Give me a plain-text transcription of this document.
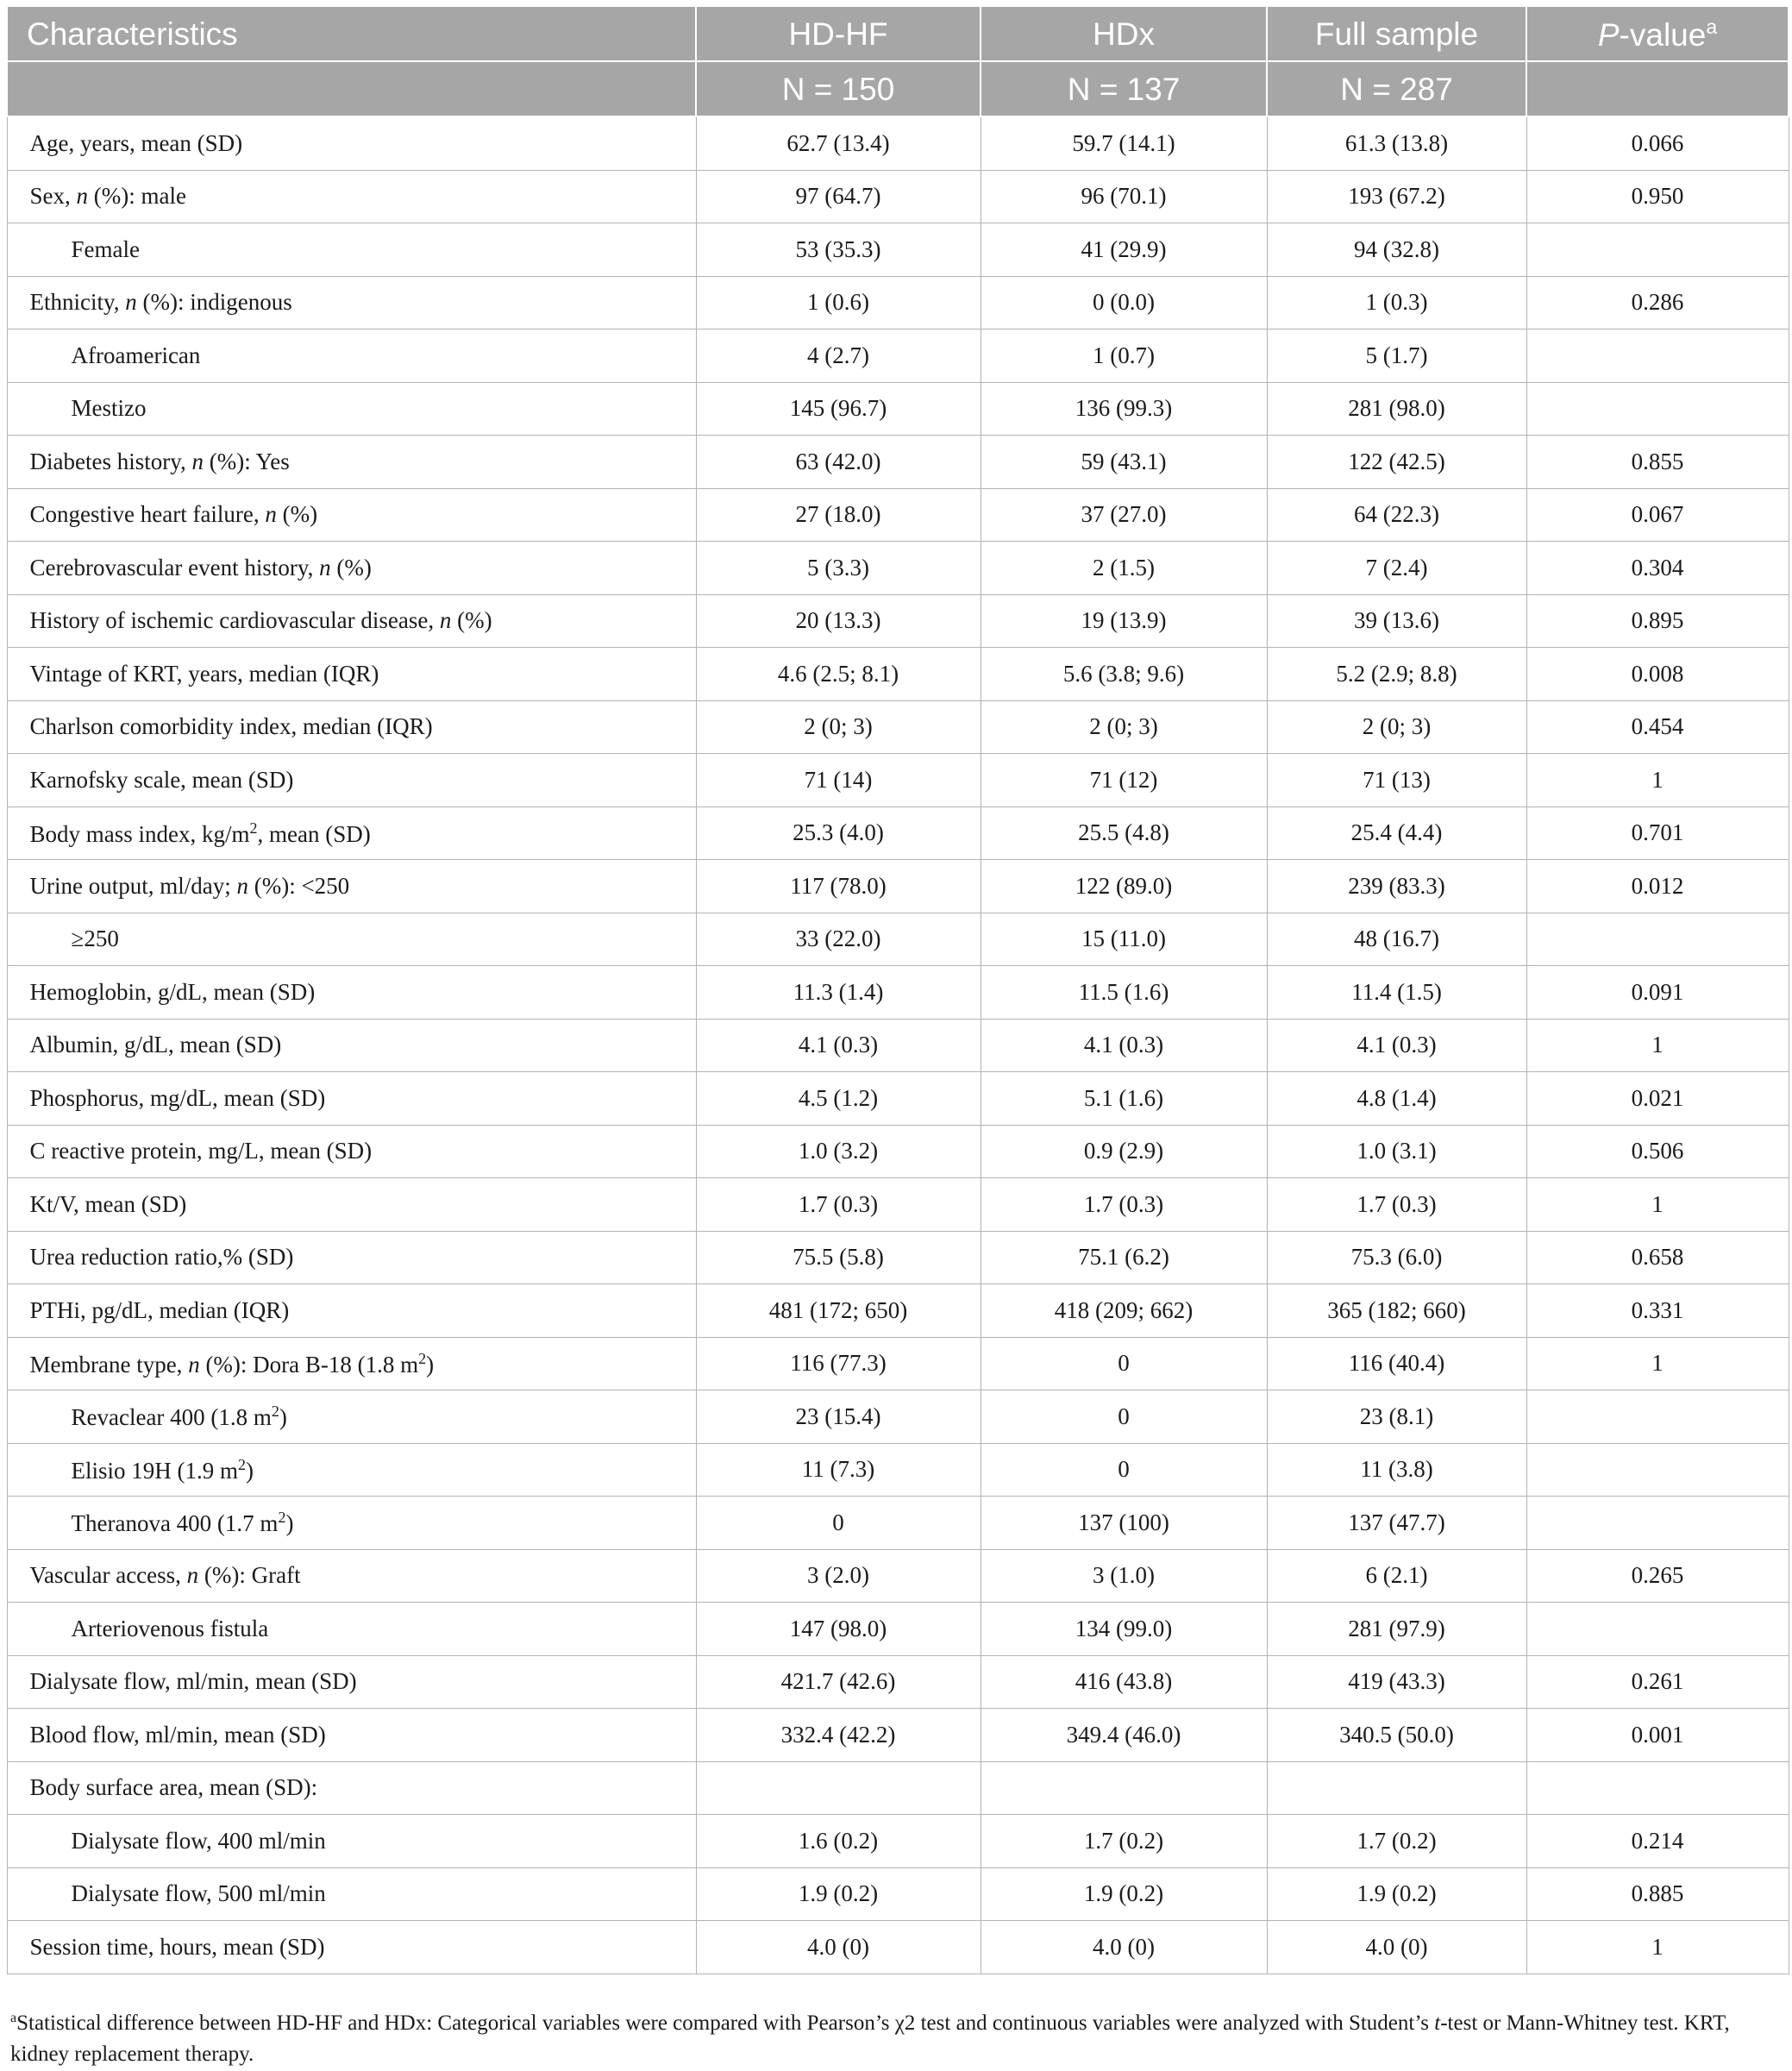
Characteristics	HD-HF	HDx	Full sample	P-value$^a$
	N = 150	N = 137	N = 287	
Age, years, mean (SD)	62.7 (13.4)	59.7 (14.1)	61.3 (13.8)	0.066
Sex, n (%): male	97 (64.7)	96 (70.1)	193 (67.2)	0.950
Female	53 (35.3)	41 (29.9)	94 (32.8)	
Ethnicity, n (%): indigenous	1 (0.6)	0 (0.0)	1 (0.3)	0.286
Afroamerican	4 (2.7)	1 (0.7)	5 (1.7)	
Mestizo	145 (96.7)	136 (99.3)	281 (98.0)	
Diabetes history, n (%): Yes	63 (42.0)	59 (43.1)	122 (42.5)	0.855
Congestive heart failure, n (%)	27 (18.0)	37 (27.0)	64 (22.3)	0.067
Cerebrovascular event history, n (%)	5 (3.3)	2 (1.5)	7 (2.4)	0.304
History of ischemic cardiovascular disease, n (%)	20 (13.3)	19 (13.9)	39 (13.6)	0.895
Vintage of KRT, years, median (IQR)	4.6 (2.5; 8.1)	5.6 (3.8; 9.6)	5.2 (2.9; 8.8)	0.008
Charlson comorbidity index, median (IQR)	2 (0; 3)	2 (0; 3)	2 (0; 3)	0.454
Karnofsky scale, mean (SD)	71 (14)	71 (12)	71 (13)	1
Body mass index, $kg/m^2$, mean (SD)	25.3 (4.0)	25.5 (4.8)	25.4 (4.4)	0.701
Urine output, ml/day; n (%): <250	117 (78.0)	122 (89.0)	239 (83.3)	0.012
≥250	33 (22.0)	15 (11.0)	48 (16.7)	
Hemoglobin, g/dL, mean (SD)	11.3 (1.4)	11.5 (1.6)	11.4 (1.5)	0.091
Albumin, g/dL, mean (SD)	4.1 (0.3)	4.1 (0.3)	4.1 (0.3)	1
Phosphorus, mg/dL, mean (SD)	4.5 (1.2)	5.1 (1.6)	4.8 (1.4)	0.021
C reactive protein, mg/L, mean (SD)	1.0 (3.2)	0.9 (2.9)	1.0 (3.1)	0.506
Kt/V, mean (SD)	1.7 (0.3)	1.7 (0.3)	1.7 (0.3)	1
Urea reduction ratio,% (SD)	75.5 (5.8)	75.1 (6.2)	75.3 (6.0)	0.658
PTHi, pg/dL, median (IQR)	481 (172; 650)	418 (209; 662)	365 (182; 660)	0.331
Membrane type, n (%): Dora B-18 (1.8 $m^2$)	116 (77.3)	0	116 (40.4)	1
Revaclear 400 (1.8 $m^2$)	23 (15.4)	0	23 (8.1)	
Elisio 19H (1.9 $m^2$)	11 (7.3)	0	11 (3.8)	
Theranova 400 (1.7 $m^2$)	0	137 (100)	137 (47.7)	
Vascular access, n (%): Graft	3 (2.0)	3 (1.0)	6 (2.1)	0.265
Arteriovenous fistula	147 (98.0)	134 (99.0)	281 (97.9)	
Dialysate flow, ml/min, mean (SD)	421.7 (42.6)	416 (43.8)	419 (43.3)	0.261
Blood flow, ml/min, mean (SD)	332.4 (42.2)	349.4 (46.0)	340.5 (50.0)	0.001
Body surface area, mean (SD):				
Dialysate flow, 400 ml/min	1.6 (0.2)	1.7 (0.2)	1.7 (0.2)	0.214
Dialysate flow, 500 ml/min	1.9 (0.2)	1.9 (0.2)	1.9 (0.2)	0.885
Session time, hours, mean (SD)	4.0 (0)	4.0 (0)	4.0 (0)	1
$^a$Statistical difference between HD-HF and HDx: Categorical variables were compared with Pearson’s χ2 test and continuous variables were analyzed with Student’s t-test or Mann-Whitney test. KRT, kidney replacement therapy.
